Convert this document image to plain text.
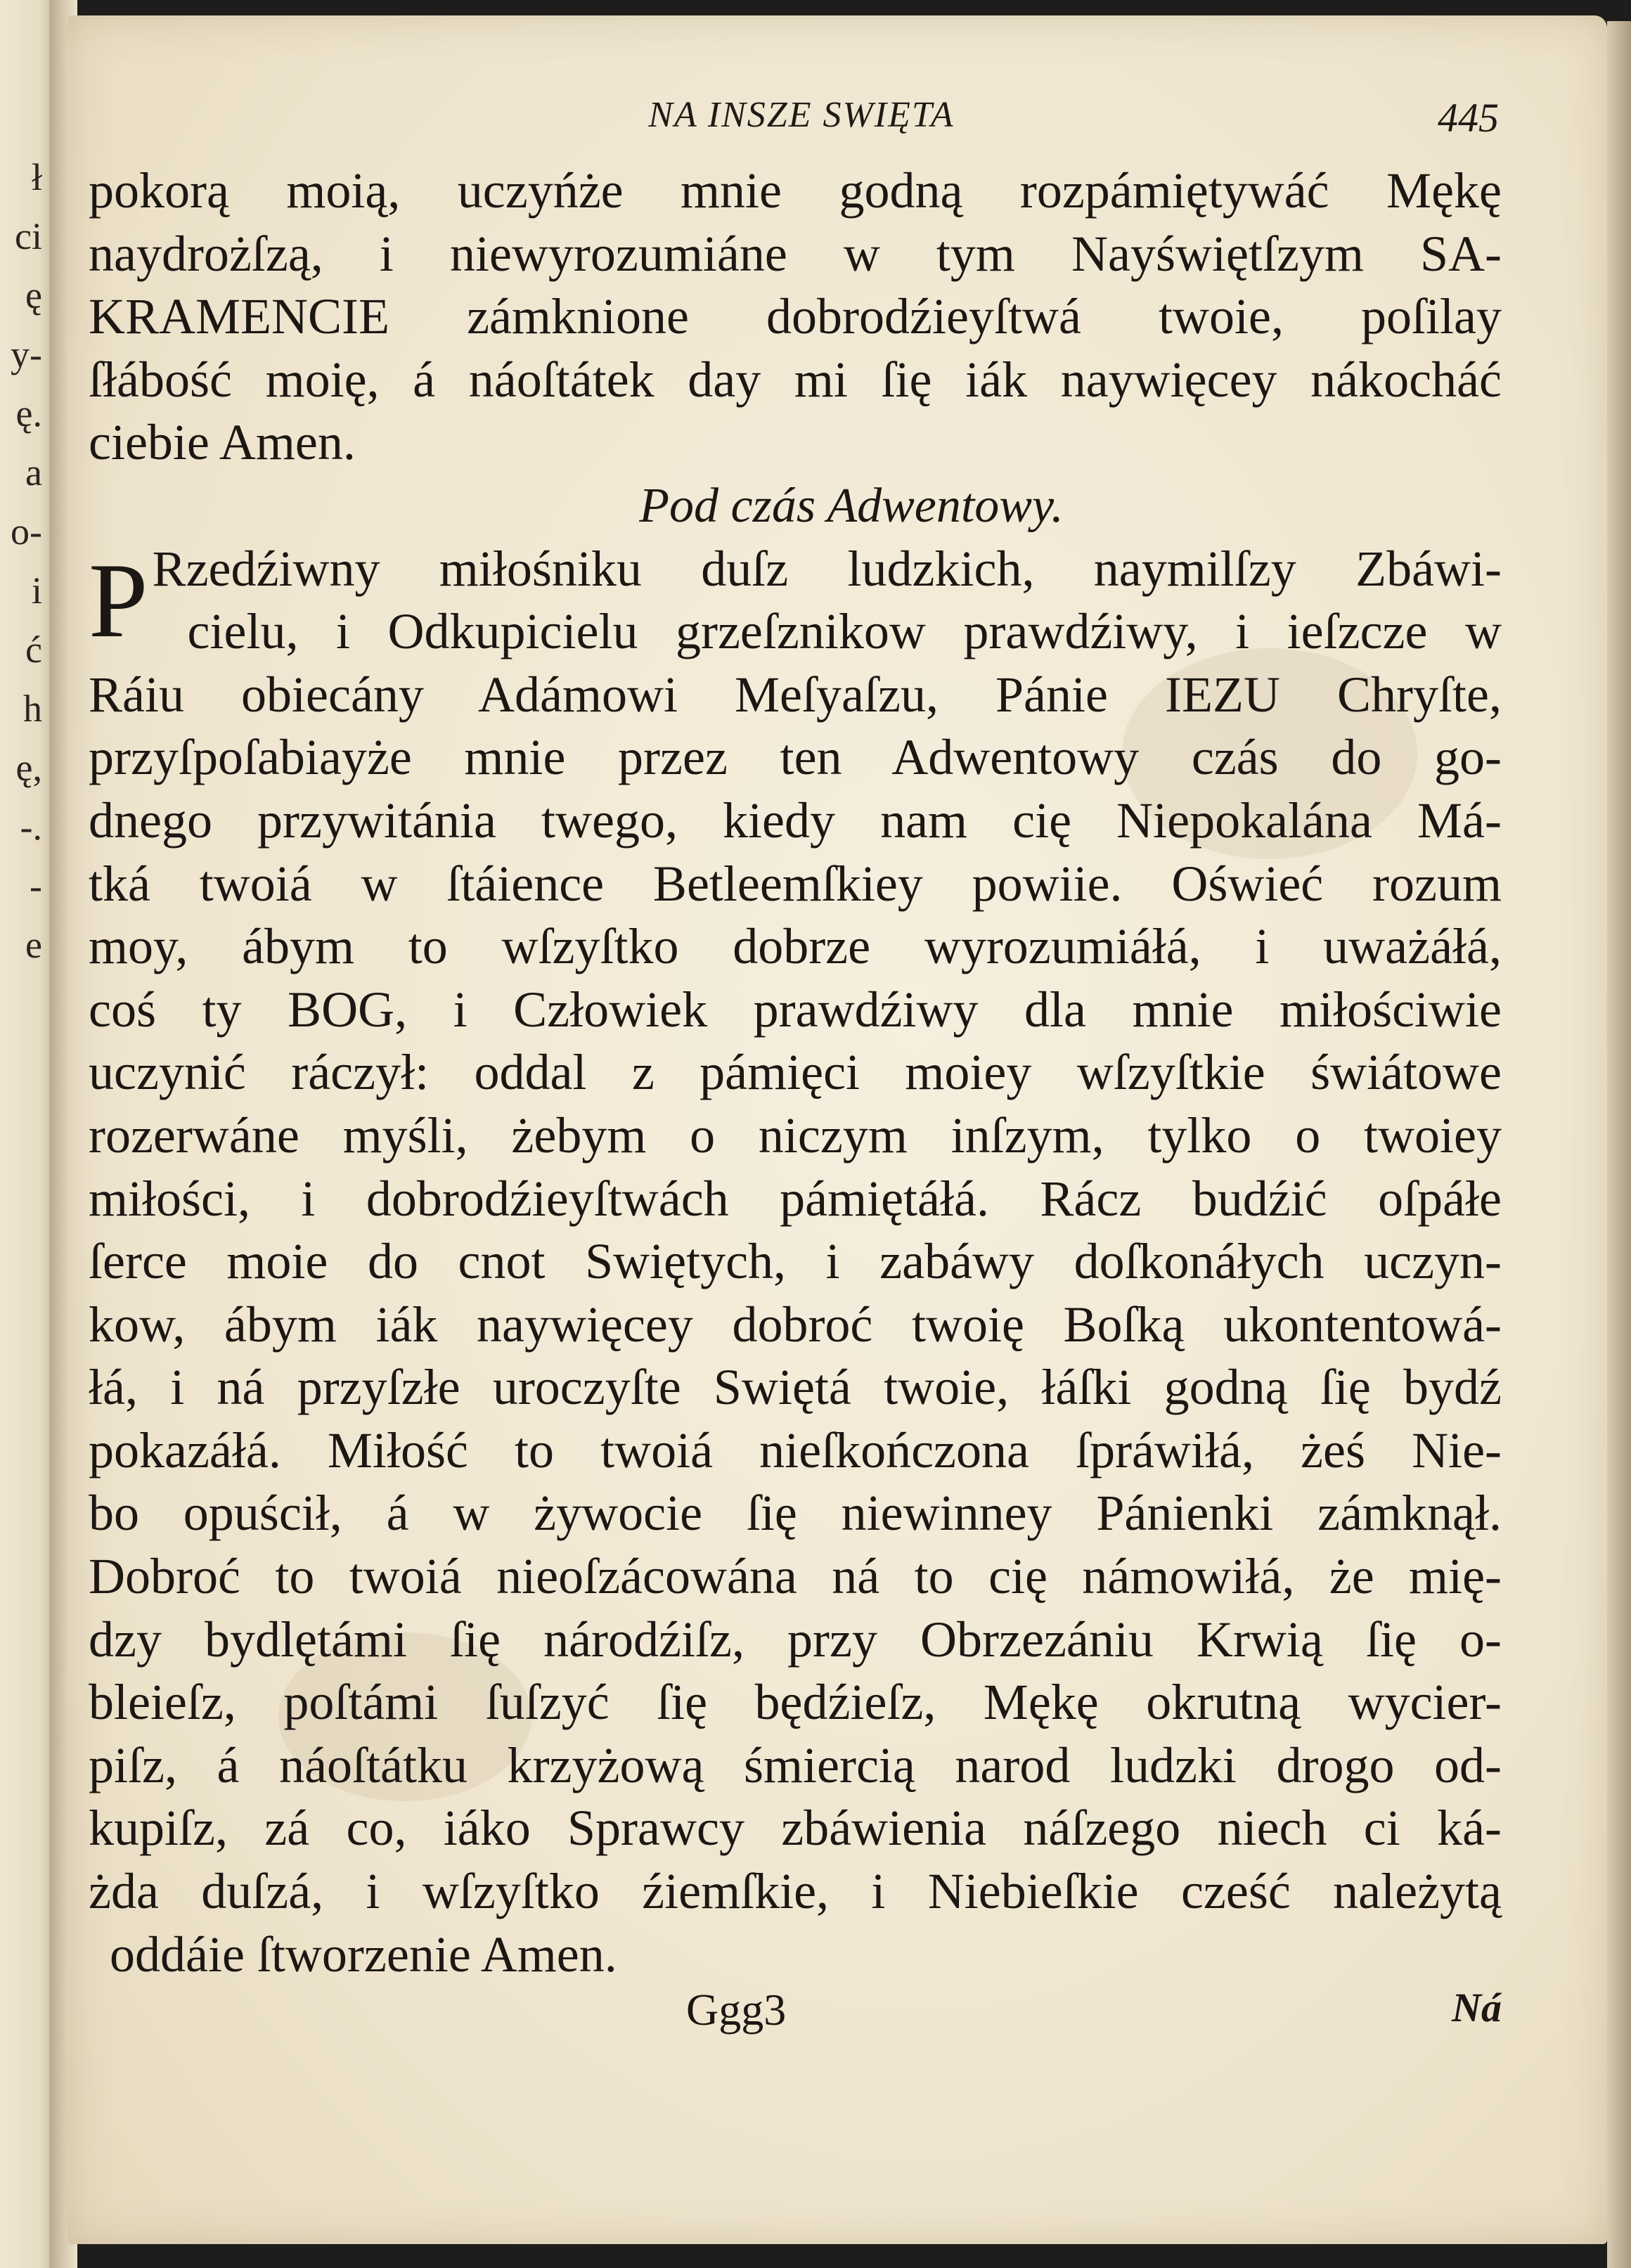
ł
ci
ę
y-
ę.
a
o-
i
ć
h
ę,
-.
-
e
NA INSZE SWIĘTA	445
pokorą moią, uczyńże mnie godną rozpámiętywáć Mękę
naydrożſzą, i niewyrozumiáne w tym Nayświętſzym SA-
KRAMENCIE zámknione dobrodźieyſtwá twoie, poſilay
ſłábość moię, á náoſtátek day mi ſię iák naywięcey nákocháć
ciebie Amen.
Pod czás Adwentowy.
P Rzedźiwny miłośniku duſz ludzkich, naymilſzy Zbáwi-
cielu, i Odkupicielu grzeſznikow prawdźiwy, i ieſzcze w
Ráiu obiecány Adámowi Meſyaſzu, Pánie IEZU Chryſte,
przyſpoſabiayże mnie przez ten Adwentowy czás do go-
dnego przywitánia twego, kiedy nam cię Niepokalána Má-
tká twoiá w ſtáience Betleemſkiey powiie. Oświeć rozum
moy, ábym to wſzyſtko dobrze wyrozumiáłá, i uważáłá,
coś ty BOG, i Człowiek prawdźiwy dla mnie miłościwie
uczynić ráczył: oddal z pámięci moiey wſzyſtkie świátowe
rozerwáne myśli, żebym o niczym inſzym, tylko o twoiey
miłości, i dobrodźieyſtwách pámiętáłá. Rácz budźić oſpáłe
ſerce moie do cnot Swiętych, i zabáwy doſkonáłych uczyn-
kow, ábym iák naywięcey dobroć twoię Boſką ukontentowá-
łá, i ná przyſzłe uroczyſte Swiętá twoie, łáſki godną ſię bydź
pokazáłá. Miłość to twoiá nieſkończona ſpráwiłá, żeś Nie-
bo opuścił, á w żywocie ſię niewinney Pánienki zámknął.
Dobroć to twoiá nieoſzácowána ná to cię námowiłá, że mię-
dzy bydlętámi ſię národźiſz, przy Obrzezániu Krwią ſię o-
bleieſz, poſtámi ſuſzyć ſię będźieſz, Mękę okrutną wycier-
piſz, á náoſtátku krzyżową śmiercią narod ludzki drogo od-
kupiſz, zá co, iáko Sprawcy zbáwienia náſzego niech ci ká-
żda duſzá, i wſzyſtko źiemſkie, i Niebieſkie cześć należytą
oddáie ſtworzenie Amen.
Ggg3	Ná
